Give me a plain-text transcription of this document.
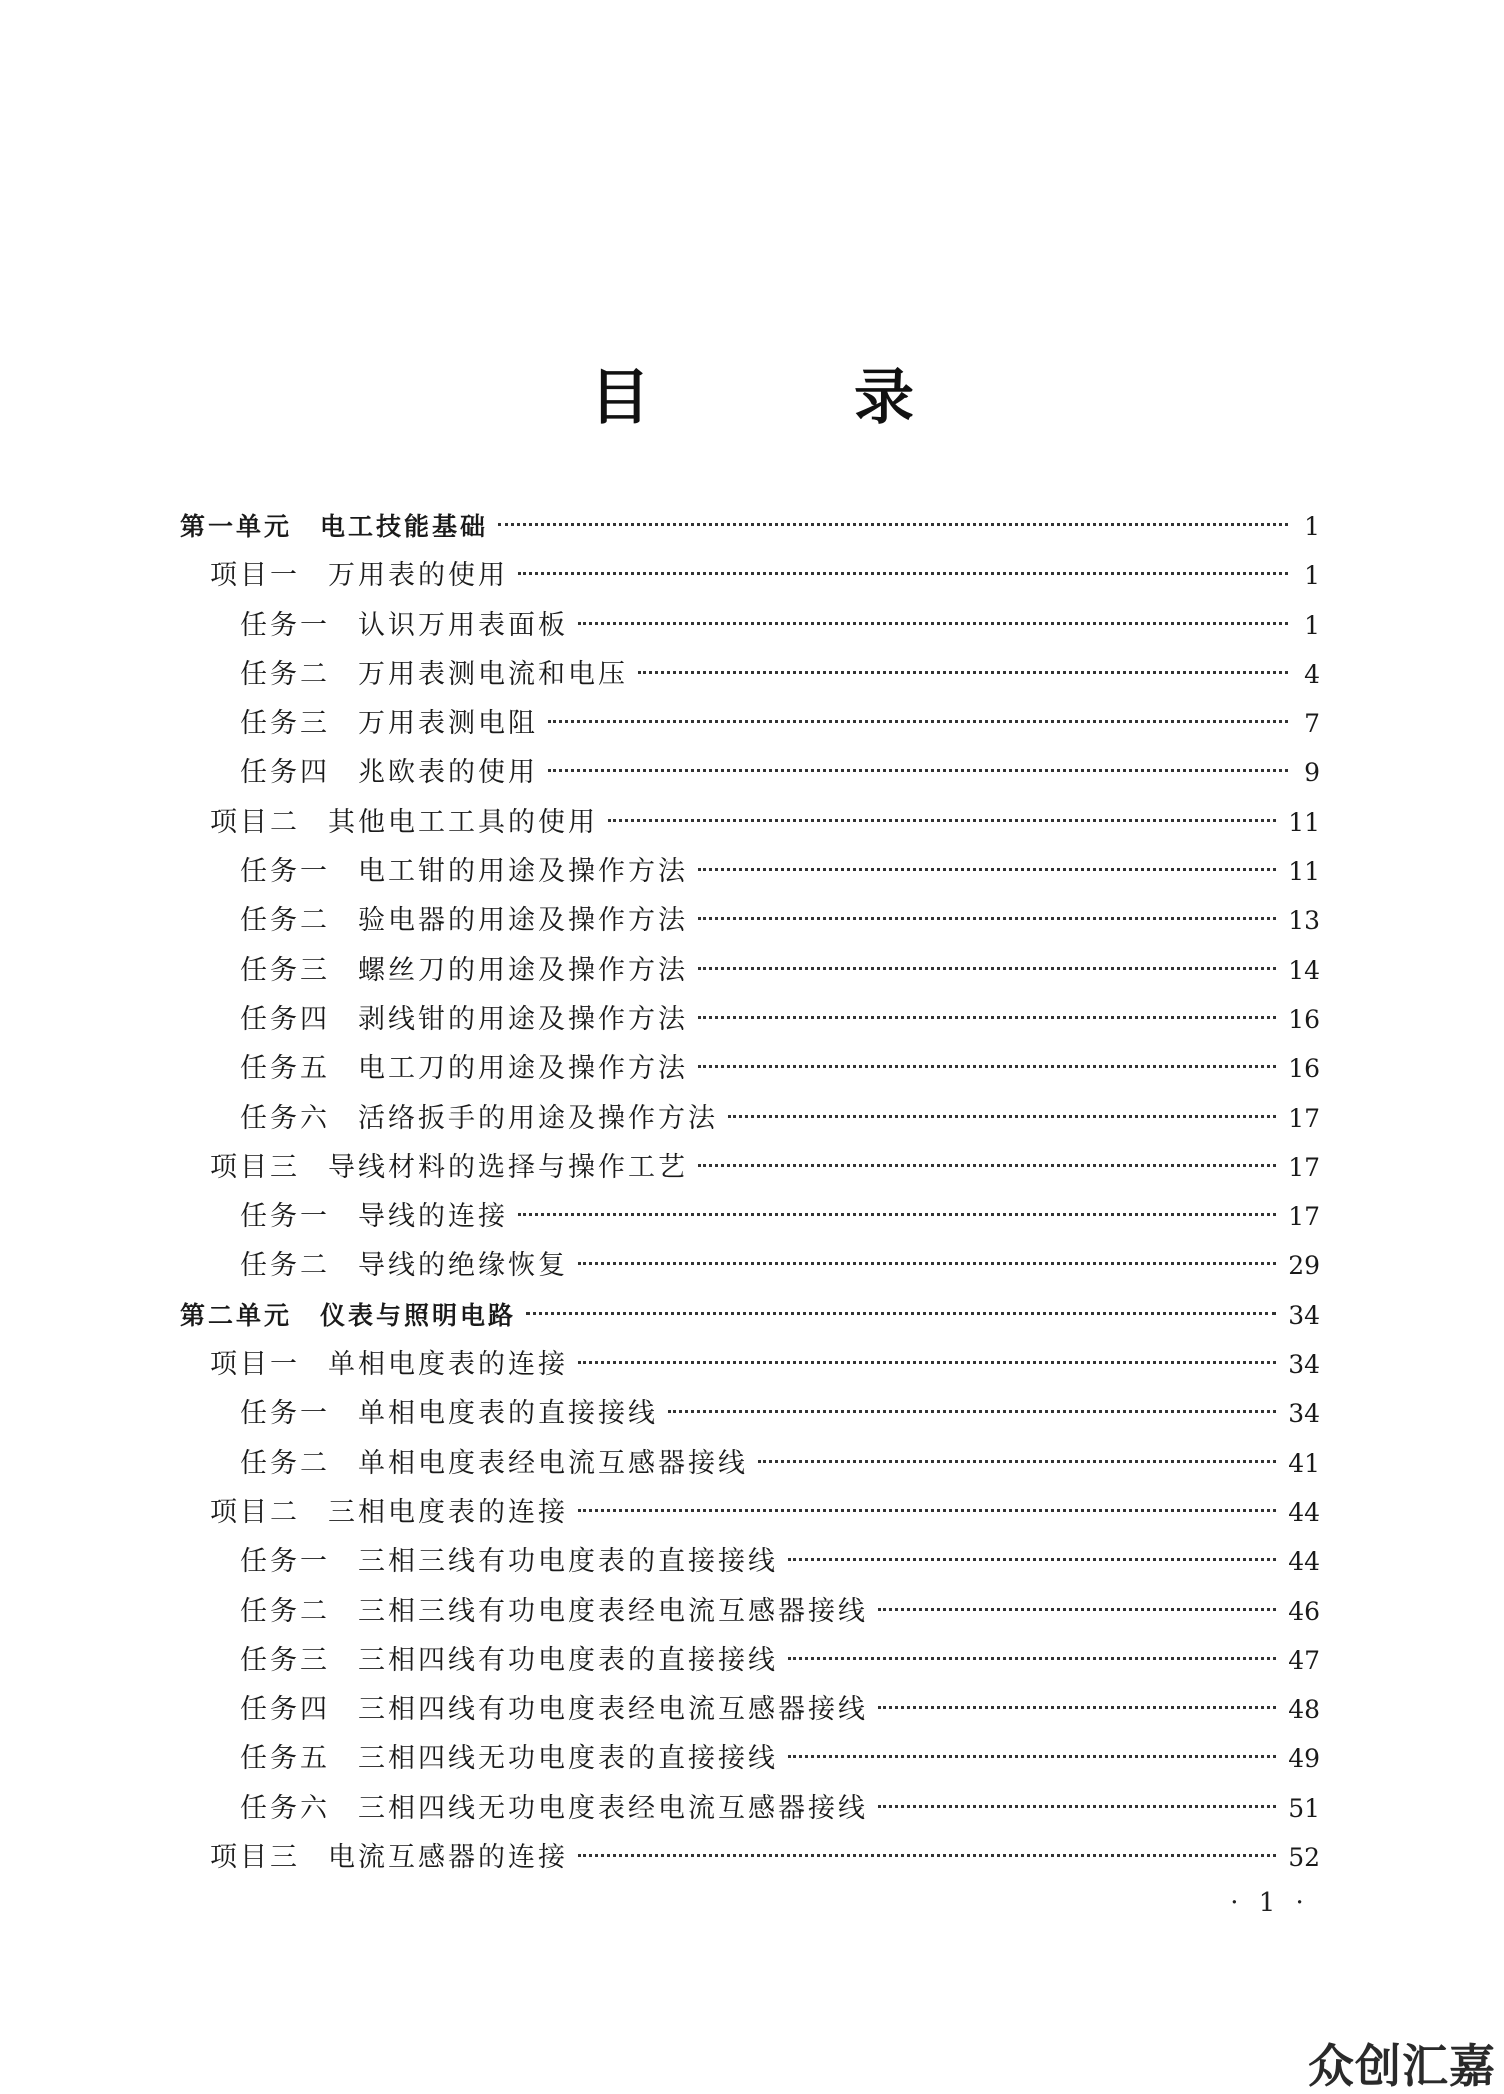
目　录
第一单元 电工技能基础	1
项目一 万用表的使用	1
任务一 认识万用表面板	1
任务二 万用表测电流和电压	4
任务三 万用表测电阻	7
任务四 兆欧表的使用	9
项目二 其他电工工具的使用	11
任务一 电工钳的用途及操作方法	11
任务二 验电器的用途及操作方法	13
任务三 螺丝刀的用途及操作方法	14
任务四 剥线钳的用途及操作方法	16
任务五 电工刀的用途及操作方法	16
任务六 活络扳手的用途及操作方法	17
项目三 导线材料的选择与操作工艺	17
任务一 导线的连接	17
任务二 导线的绝缘恢复	29
第二单元 仪表与照明电路	34
项目一 单相电度表的连接	34
任务一 单相电度表的直接接线	34
任务二 单相电度表经电流互感器接线	41
项目二 三相电度表的连接	44
任务一 三相三线有功电度表的直接接线	44
任务二 三相三线有功电度表经电流互感器接线	46
任务三 三相四线有功电度表的直接接线	47
任务四 三相四线有功电度表经电流互感器接线	48
任务五 三相四线无功电度表的直接接线	49
任务六 三相四线无功电度表经电流互感器接线	51
项目三 电流互感器的连接	52
· 1 ·
众创汇嘉
